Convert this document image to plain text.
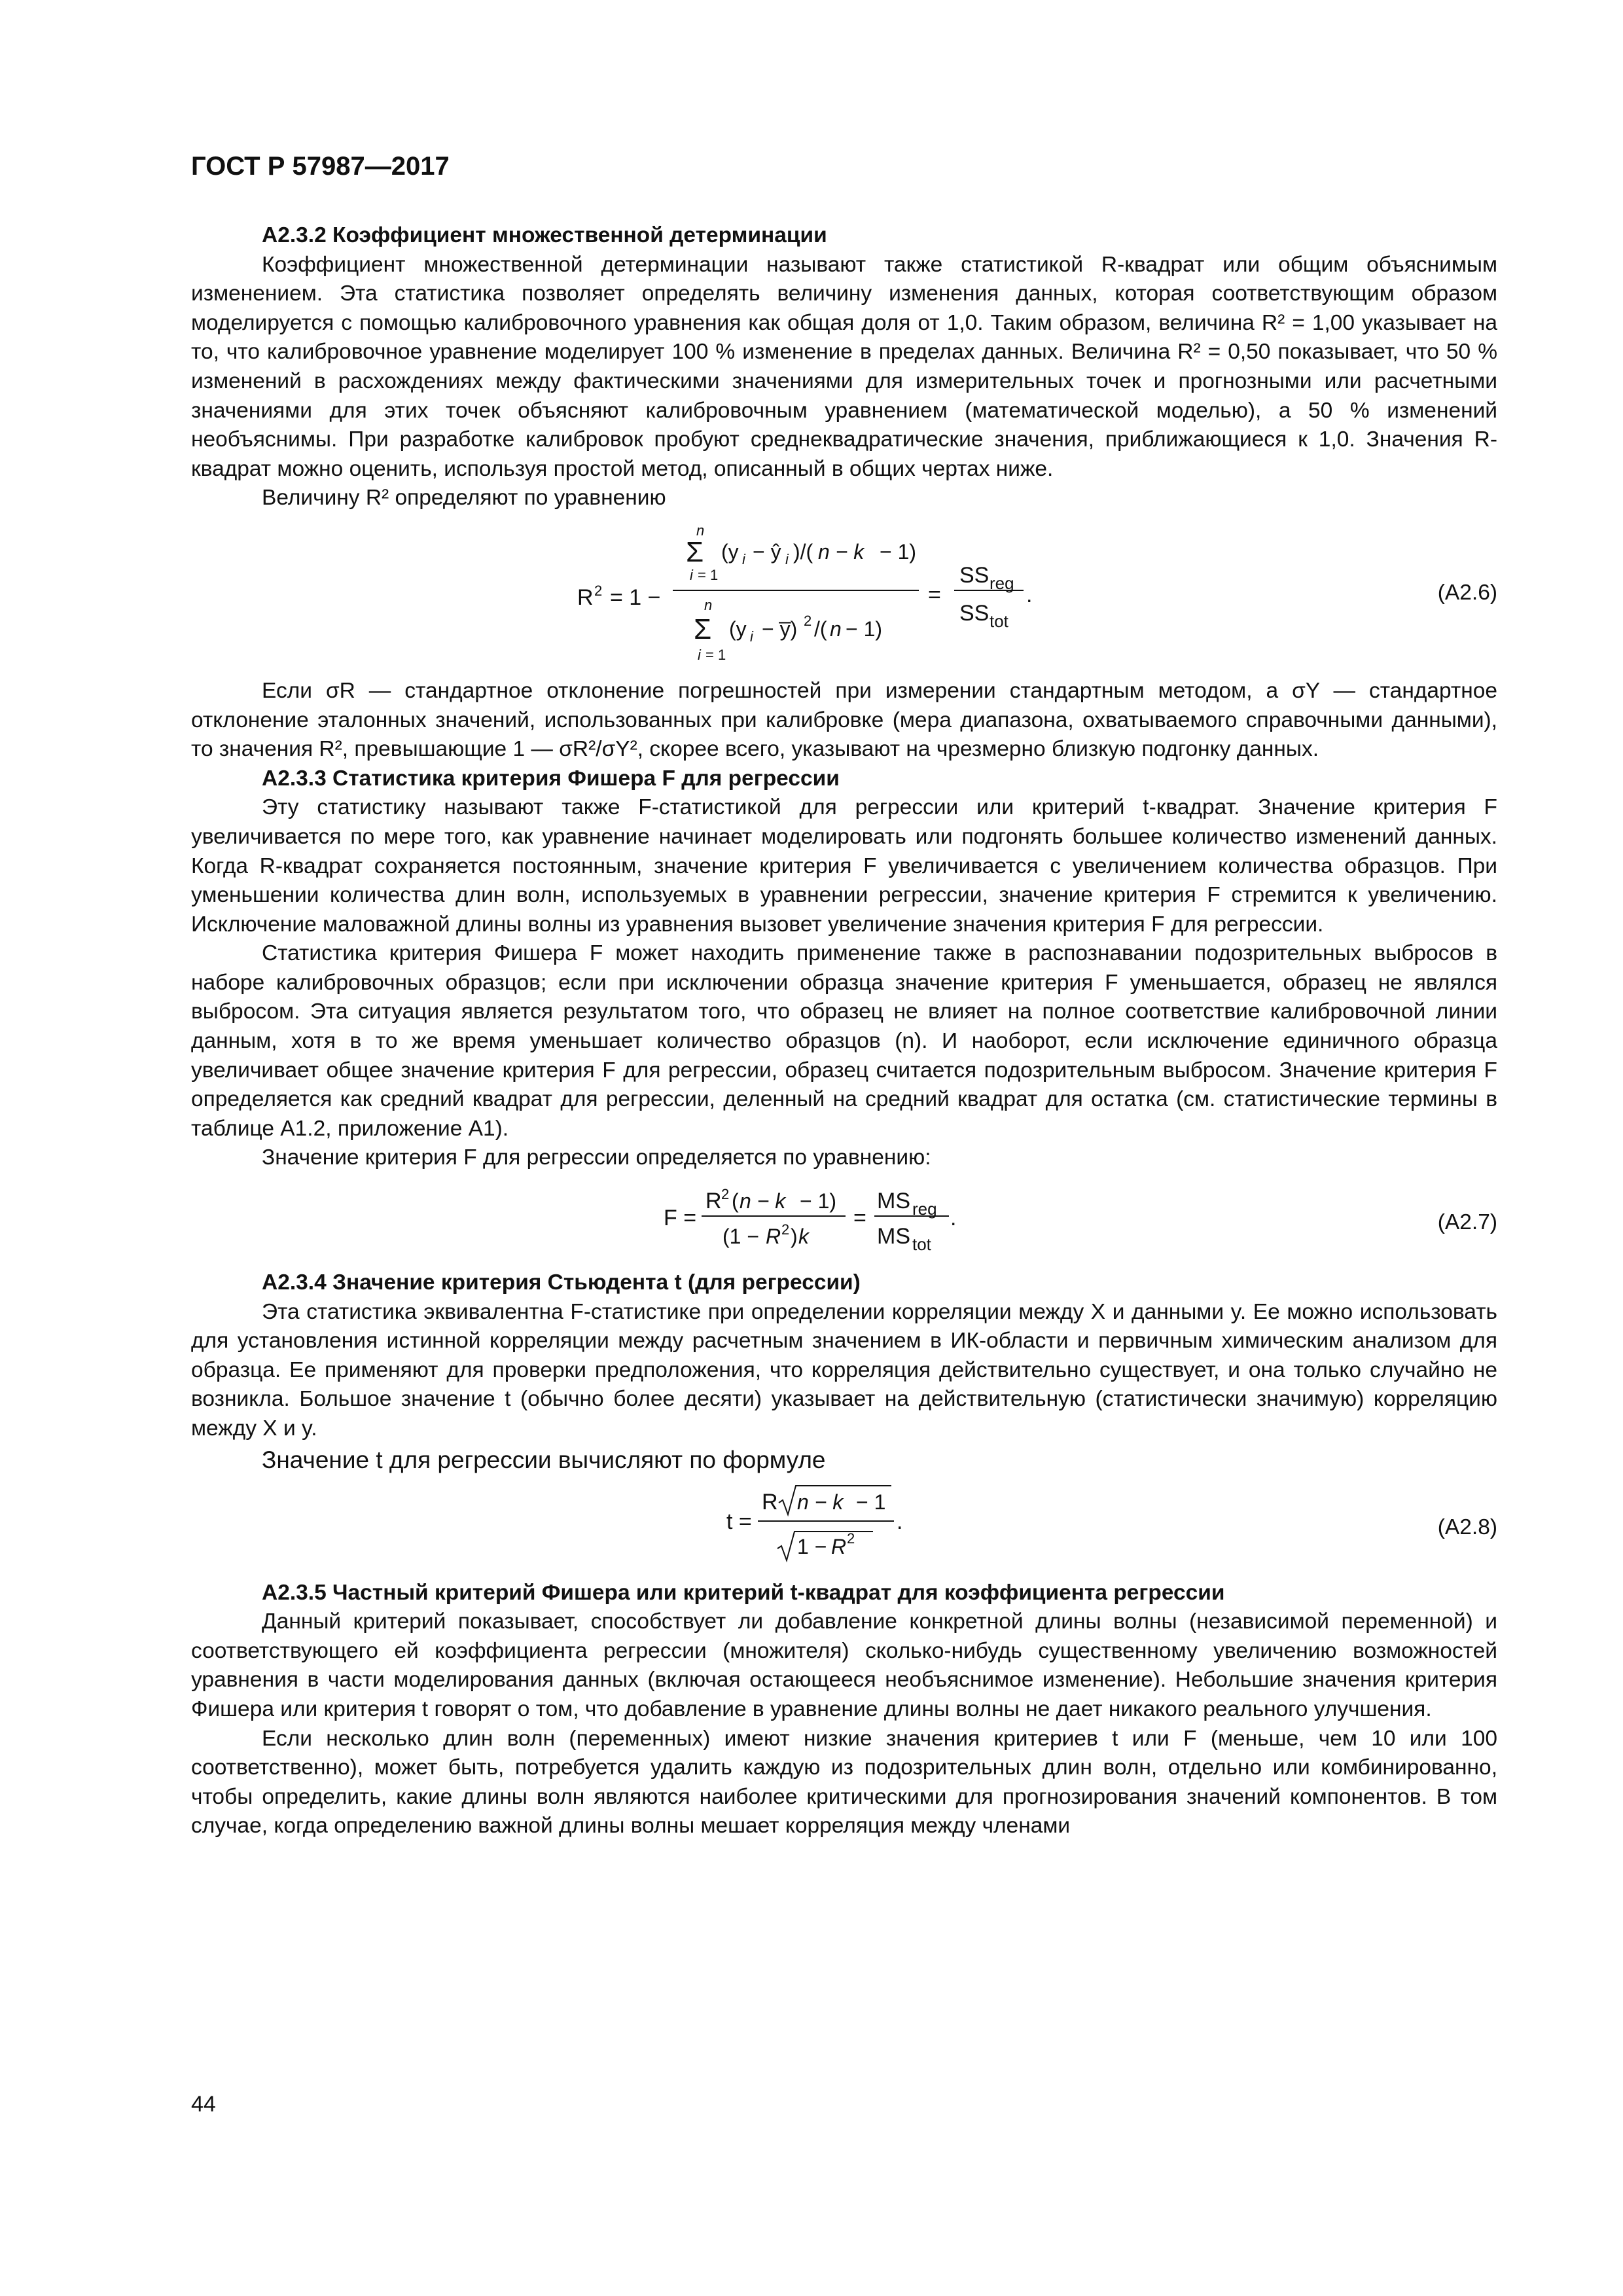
ГОСТ Р 57987—2017

А2.3.2 Коэффициент множественной детерминации

Коэффициент множественной детерминации называют также статистикой R-квадрат или общим объяснимым изменением. Эта статистика позволяет определять величину изменения данных, которая соответствующим образом моделируется с помощью калибровочного уравнения как общая доля от 1,0. Таким образом, величина R² = 1,00 указывает на то, что калибровочное уравнение моделирует 100 % изменение в пределах данных. Величина R² = 0,50 показывает, что 50 % изменений в расхождениях между фактическими значениями для измерительных точек и прогнозными или расчетными значениями для этих точек объясняют калибровочным уравнением (математической моделью), а 50 % изменений необъяснимы. При разработке калибровок пробуют среднеквадратические значения, приближающиеся к 1,0. Значения R-квадрат можно оценить, используя простой метод, описанный в общих чертах ниже.

Величину R² определяют по уравнению

R 2 = 1 −
n
Σ (y i − ŷ i )/( n − k − 1)
i = 1
n
Σ (y i − y̅) 2 /( n − 1)
i = 1
=
SS reg
SS tot
.	(А2.6)

Если σR — стандартное отклонение погрешностей при измерении стандартным методом, а σY — стандартное отклонение эталонных значений, использованных при калибровке (мера диапазона, охватываемого справочными данными), то значения R², превышающие 1 — σR²/σY², скорее всего, указывают на чрезмерно близкую подгонку данных.

А2.3.3 Статистика критерия Фишера F для регрессии

Эту статистику называют также F-статистикой для регрессии или критерий t-квадрат. Значение критерия F увеличивается по мере того, как уравнение начинает моделировать или подгонять большее количество изменений данных. Когда R-квадрат сохраняется постоянным, значение критерия F увеличивается с увеличением количества образцов. При уменьшении количества длин волн, используемых в уравнении регрессии, значение критерия F стремится к увеличению. Исключение маловажной длины волны из уравнения вызовет увеличение значения критерия F для регрессии.

Статистика критерия Фишера F может находить применение также в распознавании подозрительных выбросов в наборе калибровочных образцов; если при исключении образца значение критерия F уменьшается, образец не являлся выбросом. Эта ситуация является результатом того, что образец не влияет на полное соответствие калибровочной линии данным, хотя в то же время уменьшает количество образцов (n). И наоборот, если исключение единичного образца увеличивает общее значение критерия F для регрессии, образец считается подозрительным выбросом. Значение критерия F определяется как средний квадрат для регрессии, деленный на средний квадрат для остатка (см. статистические термины в таблице А1.2, приложение А1).

Значение критерия F для регрессии определяется по уравнению:

F =
R 2 ( n − k − 1)
(1 − R 2 ) k
=
MS reg
MS tot
.	(А2.7)

А2.3.4 Значение критерия Стьюдента t (для регрессии)

Эта статистика эквивалентна F-статистике при определении корреляции между X и данными y. Ее можно использовать для установления истинной корреляции между расчетным значением в ИК-области и первичным химическим анализом для образца. Ее применяют для проверки предположения, что корреляция действительно существует, и она только случайно не возникла. Большое значение t (обычно более десяти) указывает на действительную (статистически значимую) корреляцию между X и y.

Значение t для регрессии вычисляют по формуле

t =
R n − k − 1
1 − R 2
.	(А2.8)

А2.3.5 Частный критерий Фишера или критерий t-квадрат для коэффициента регрессии

Данный критерий показывает, способствует ли добавление конкретной длины волны (независимой переменной) и соответствующего ей коэффициента регрессии (множителя) сколько-нибудь существенному увеличению возможностей уравнения в части моделирования данных (включая остающееся необъяснимое изменение). Небольшие значения критерия Фишера или критерия t говорят о том, что добавление в уравнение длины волны не дает никакого реального улучшения.

Если несколько длин волн (переменных) имеют низкие значения критериев t или F (меньше, чем 10 или 100 соответственно), может быть, потребуется удалить каждую из подозрительных длин волн, отдельно или комбинированно, чтобы определить, какие длины волн являются наиболее критическими для прогнозирования значений компонентов. В том случае, когда определению важной длины волны мешает корреляция между членами

44
